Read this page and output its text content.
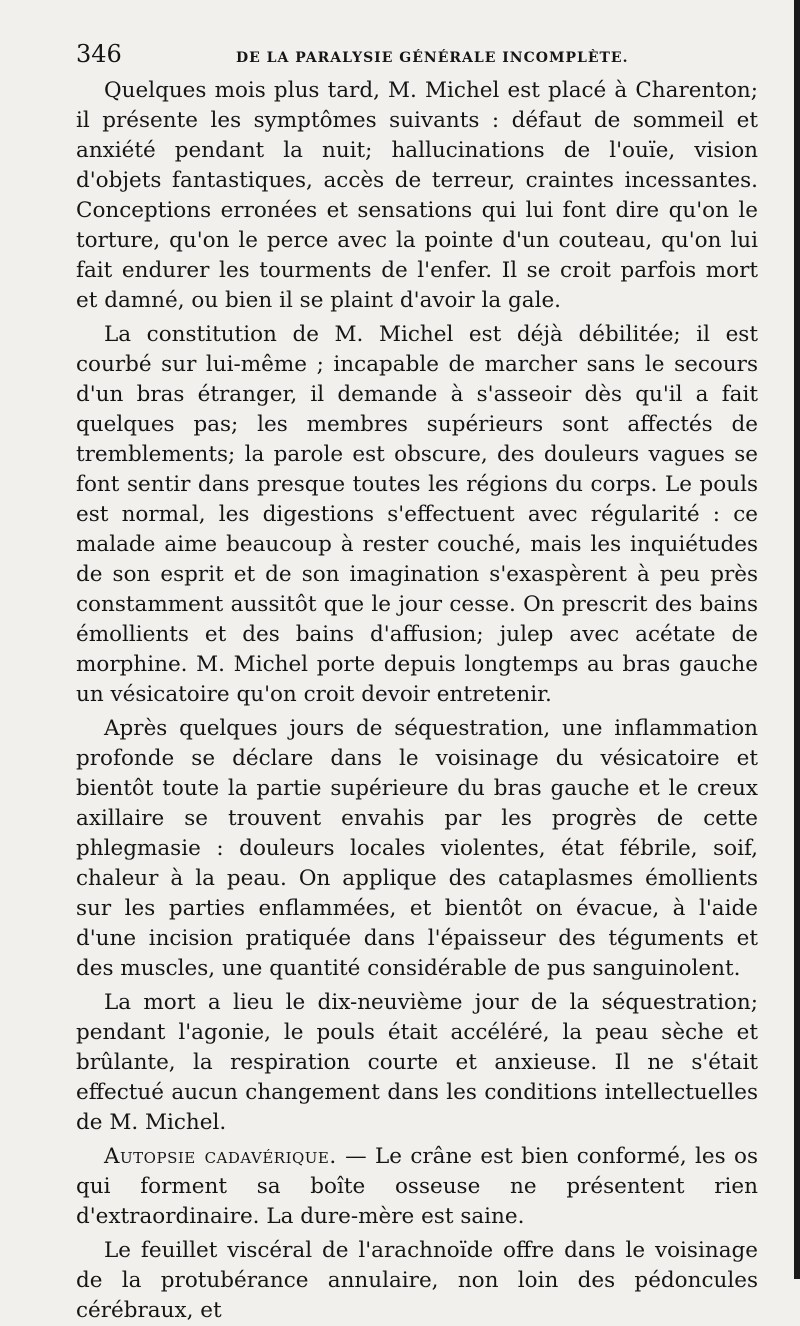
346	DE LA PARALYSIE GÉNÉRALE INCOMPLÈTE.

Quelques mois plus tard, M. Michel est placé à Charenton; il présente les symptômes suivants : défaut de sommeil et anxiété pendant la nuit; hallucinations de l'ouïe, vision d'objets fantastiques, accès de terreur, craintes incessantes. Conceptions erronées et sensations qui lui font dire qu'on le torture, qu'on le perce avec la pointe d'un couteau, qu'on lui fait endurer les tourments de l'enfer. Il se croit parfois mort et damné, ou bien il se plaint d'avoir la gale.

La constitution de M. Michel est déjà débilitée; il est courbé sur lui-même ; incapable de marcher sans le secours d'un bras étranger, il demande à s'asseoir dès qu'il a fait quelques pas; les membres supérieurs sont affectés de tremblements; la parole est obscure, des douleurs vagues se font sentir dans presque toutes les régions du corps. Le pouls est normal, les digestions s'effectuent avec régularité : ce malade aime beaucoup à rester couché, mais les inquiétudes de son esprit et de son imagination s'exaspèrent à peu près constamment aussitôt que le jour cesse. On prescrit des bains émollients et des bains d'affusion; julep avec acétate de morphine. M. Michel porte depuis longtemps au bras gauche un vésicatoire qu'on croit devoir entretenir.

Après quelques jours de séquestration, une inflammation profonde se déclare dans le voisinage du vésicatoire et bientôt toute la partie supérieure du bras gauche et le creux axillaire se trouvent envahis par les progrès de cette phlegmasie : douleurs locales violentes, état fébrile, soif, chaleur à la peau. On applique des cataplasmes émollients sur les parties enflammées, et bientôt on évacue, à l'aide d'une incision pratiquée dans l'épaisseur des téguments et des muscles, une quantité considérable de pus sanguinolent.

La mort a lieu le dix-neuvième jour de la séquestration; pendant l'agonie, le pouls était accéléré, la peau sèche et brûlante, la respiration courte et anxieuse. Il ne s'était effectué aucun changement dans les conditions intellectuelles de M. Michel.

Autopsie cadavérique. — Le crâne est bien conformé, les os qui forment sa boîte osseuse ne présentent rien d'extraordinaire. La dure-mère est saine.

Le feuillet viscéral de l'arachnoïde offre dans le voisinage de la protubérance annulaire, non loin des pédoncules cérébraux, et
